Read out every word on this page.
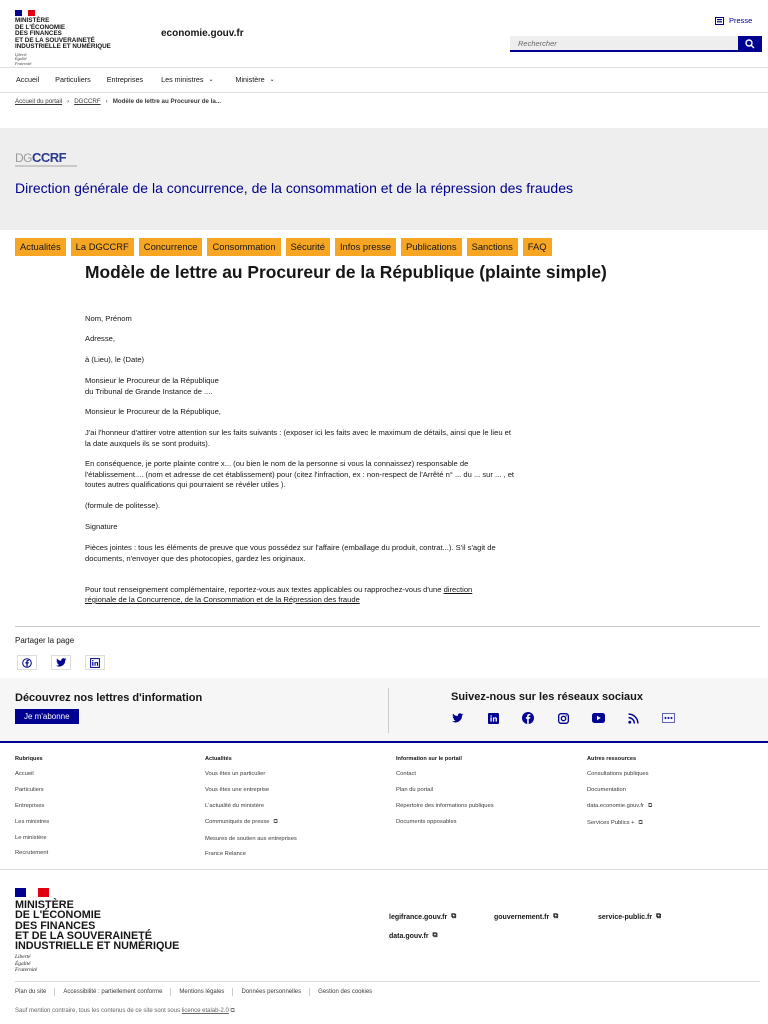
MINISTÈRE
DE L'ÉCONOMIE
DES FINANCES
ET DE LA SOUVERAINETÉ
INDUSTRIELLE ET NUMÉRIQUE
Liberté
Égalité
Fraternité
economie.gouv.fr
Presse
Rechercher
Accueil Particuliers Entreprises	Les ministres ⌄	Ministère ⌄
Accueil du portail › DGCCRF › Modèle de lettre au Procureur de la...
DG CCRF
Direction générale de la concurrence, de la consommation et de la répression des fraudes
Actualités	La DGCCRF	Concurrence	Consommation	Sécurité	Infos presse	Publications	Sanctions	FAQ
Modèle de lettre au Procureur de la République (plainte simple)
Nom, Prénom
Adresse,
à (Lieu), le (Date)
Monsieur le Procureur de la République
du Tribunal de Grande Instance de ....
Monsieur le Procureur de la République,
J'ai l'honneur d'attirer votre attention sur les faits suivants : (exposer ici les faits avec le maximum de détails, ainsi que le lieu et
la date auxquels ils se sont produits).
En conséquence, je porte plainte contre x... (ou bien le nom de la personne si vous la connaissez) responsable de
l'établissement.... (nom et adresse de cet établissement) pour (citez l'infraction, ex : non-respect de l'Arrêté n° ... du ... sur ... , et
toutes autres qualifications qui pourraient se révéler utiles ).
(formule de politesse).
Signature
Pièces jointes : tous les éléments de preuve que vous possédez sur l'affaire (emballage du produit, contrat...). S'il s'agit de
documents, n'envoyer que des photocopies, gardez les originaux.

Pour tout renseignement complémentaire, reportez-vous aux textes applicables ou rapprochez-vous d'une direction
régionale de la Concurrence, de la Consommation et de la Répression des fraude

Partager la page
Découvrez nos lettres d'information
Je m'abonne
Suivez-nous sur les réseaux sociaux
Rubriques
Accueil
Particuliers
Entreprises
Les ministres
Le ministère
Recrutement
Actualités
Vous êtes un particulier
Vous êtes une entreprise
L'actualité du ministère
Communiqués de presse ⧉
Mesures de soutien aux entreprises
France Relance
Information sur le portail
Contact
Plan du portail
Répertoire des informations publiques
Documents opposables
Autres ressources
Consultations publiques
Documentation
data.economie.gouv.fr ⧉
Services Publics + ⧉
MINISTÈRE
DE L'ÉCONOMIE
DES FINANCES
ET DE LA SOUVERAINETÉ
INDUSTRIELLE ET NUMÉRIQUE
Liberté
Égalité
Fraternité
legifrance.gouv.fr ⧉	gouvernement.fr ⧉	service-public.fr ⧉
data.gouv.fr ⧉
Plan du site	Accessibilité : partiellement conforme	Mentions légales	Données personnelles	Gestion des cookies
Sauf mention contraire, tous les contenus de ce site sont sous licence etalab-2.0 ⧉
